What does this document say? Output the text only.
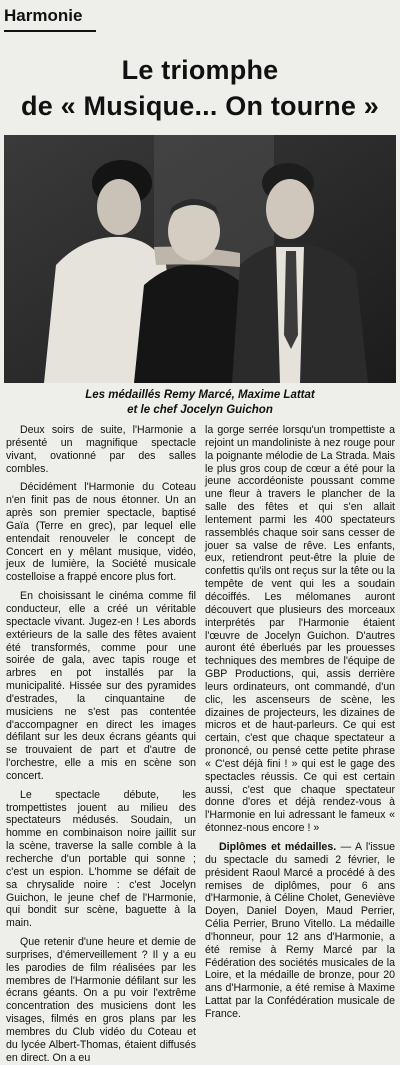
Harmonie
Le triomphe
de « Musique... On tourne »
Les médaillés Remy Marcé, Maxime Lattat
et le chef Jocelyn Guichon

Deux soirs de suite, l'Harmonie a présenté un magnifique spectacle vivant, ovationné par des salles combles.

Décidément l'Harmonie du Coteau n'en finit pas de nous étonner. Un an après son premier spectacle, baptisé Gaïa (Terre en grec), par lequel elle entendait renouveler le concept de Concert en y mêlant musique, vidéo, jeux de lumière, la Société musicale costelloise a frappé encore plus fort.

En choisissant le cinéma comme fil conducteur, elle a créé un véritable spectacle vivant. Jugez-en ! Les abords extérieurs de la salle des fêtes avaient été transformés, comme pour une soirée de gala, avec tapis rouge et arbres en pot installés par la municipalité. Hissée sur des pyramides d'estrades, la cinquantaine de musiciens ne s'est pas contentée d'accompagner en direct les images défilant sur les deux écrans géants qui se trouvaient de part et d'autre de l'orchestre, elle a mis en scène son concert.

Le spectacle débute, les trompettistes jouent au milieu des spectateurs médusés. Soudain, un homme en combinaison noire jaillit sur la scène, traverse la salle comble à la recherche d'un portable qui sonne ; c'est un espion. L'homme se défait de sa chrysalide noire : c'est Jocelyn Guichon, le jeune chef de l'Harmonie, qui bondit sur scène, baguette à la main.

Que retenir d'une heure et demie de surprises, d'émerveillement ? Il y a eu les parodies de film réalisées par les membres de l'Harmonie défilant sur les écrans géants. On a pu voir l'extrême concentration des musiciens dont les visages, filmés en gros plans par les membres du Club vidéo du Coteau et du lycée Albert-Thomas, étaient diffusés en direct. On a eu

la gorge serrée lorsqu'un trompettiste a rejoint un mandoliniste à nez rouge pour la poignante mélodie de La Strada. Mais le plus gros coup de cœur a été pour la jeune accordéoniste poussant comme une fleur à travers le plancher de la salle des fêtes et qui s'en allait lentement parmi les 400 spectateurs rassemblés chaque soir sans cesser de jouer sa valse de rêve. Les enfants, eux, retiendront peut-être la pluie de confettis qu'ils ont reçus sur la tête ou la tempête de vent qui les a soudain décoiffés. Les mélomanes auront découvert que plusieurs des morceaux interprétés par l'Harmonie étaient l'œuvre de Jocelyn Guichon. D'autres auront été éberlués par les prouesses techniques des membres de l'équipe de GBP Productions, qui, assis derrière leurs ordinateurs, ont commandé, d'un clic, les ascenseurs de scène, les dizaines de projecteurs, les dizaines de micros et de haut-parleurs. Ce qui est certain, c'est que chaque spectateur a prononcé, ou pensé cette petite phrase « C'est déjà fini ! » qui est le gage des spectacles réussis. Ce qui est certain aussi, c'est que chaque spectateur donne d'ores et déjà rendez-vous à l'Harmonie en lui adressant le fameux « étonnez-nous encore ! »

Diplômes et médailles. — A l'issue du spectacle du samedi 2 février, le président Raoul Marcé a procédé à des remises de diplômes, pour 6 ans d'Harmonie, à Céline Cholet, Geneviève Doyen, Daniel Doyen, Maud Perrier, Célia Perrier, Bruno Vitello. La médaille d'honneur, pour 12 ans d'Harmonie, a été remise à Remy Marcé par la Fédération des sociétés musicales de la Loire, et la médaille de bronze, pour 20 ans d'Harmonie, a été remise à Maxime Lattat par la Confédération musicale de France.
